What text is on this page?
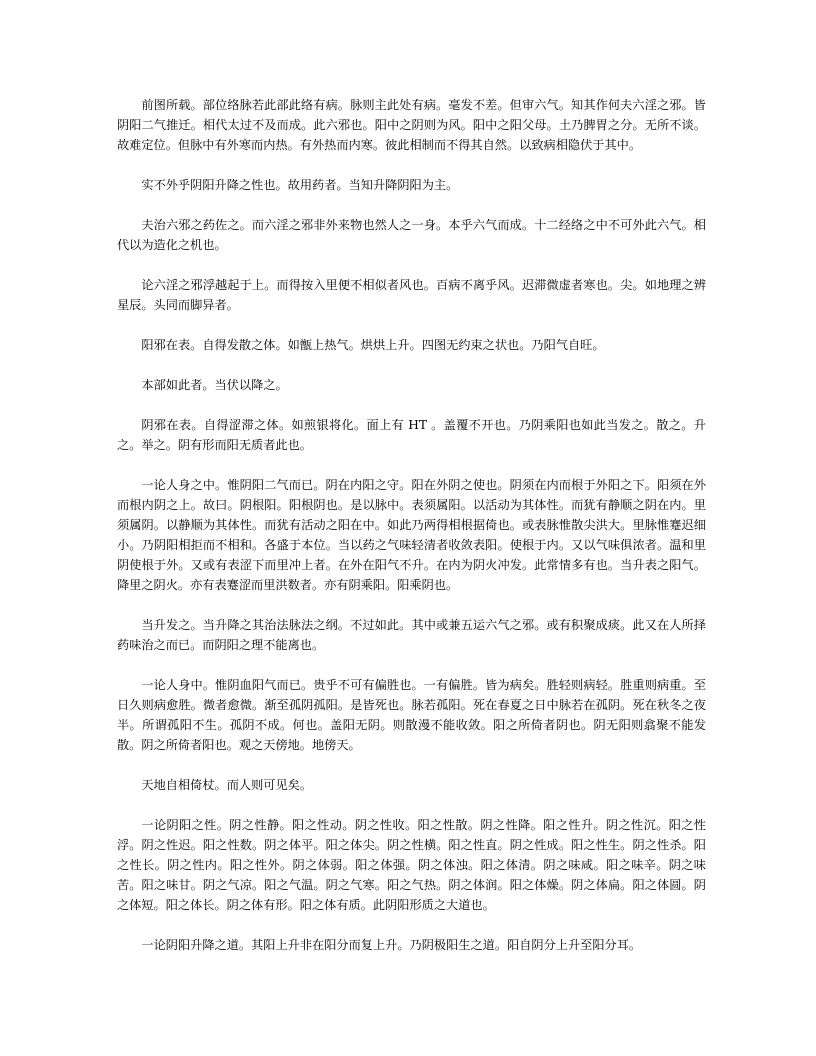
前图所载。部位络脉若此部此络有病。脉则主此处有病。毫发不差。但审六气。知其作何夫六淫之邪。皆阴阳二气推迁。相代太过不及而成。此六邪也。阳中之阴则为风。阳中之阳父母。土乃脾胃之分。无所不谈。故难定位。但脉中有外寒而内热。有外热而内寒。彼此相制而不得其自然。以致病相隐伏于其中。

实不外乎阴阳升降之性也。故用药者。当知升降阴阳为主。

夫治六邪之药佐之。而六淫之邪非外来物也然人之一身。本乎六气而成。十二经络之中不可外此六气。相代以为造化之机也。

论六淫之邪浮越起于上。而得按入里便不相似者风也。百病不离乎风。迟滞微虚者寒也。尖。如地理之辨星辰。头同而脚异者。

阳邪在表。自得发散之体。如甑上热气。烘烘上升。四图无约束之状也。乃阳气自旺。

本部如此者。当伏以降之。

阴邪在表。自得涩滞之体。如煎银将化。面上有 HT 。盖覆不开也。乃阴乘阳也如此当发之。散之。升之。举之。阴有形而阳无质者此也。

一论人身之中。惟阴阳二气而已。阴在内阳之守。阳在外阴之使也。阴须在内而根于外阳之下。阳须在外而根内阴之上。故曰。阴根阳。阳根阴也。是以脉中。表须属阳。以活动为其体性。而犹有静顺之阴在内。里须属阴。以静顺为其体性。而犹有活动之阳在中。如此乃两得相根据倚也。或表脉惟散尖洪大。里脉惟蹇迟细小。乃阴阳相拒而不相和。各盛于本位。当以药之气味轻清者收敛表阳。使根于内。又以气味俱浓者。温和里阴使根于外。又或有表涩下而里冲上者。在外在阳气不升。在内为阴火冲发。此常情多有也。当升表之阳气。降里之阴火。亦有表蹇涩而里洪数者。亦有阴乘阳。阳乘阴也。

当升发之。当升降之其治法脉法之纲。不过如此。其中或兼五运六气之邪。或有积聚成痰。此又在人所择药味治之而已。而阴阳之理不能离也。

一论人身中。惟阴血阳气而已。贵乎不可有偏胜也。一有偏胜。皆为病矣。胜轻则病轻。胜重则病重。至日久则病愈胜。微者愈微。渐至孤阴孤阳。是皆死也。脉若孤阳。死在春夏之日中脉若在孤阴。死在秋冬之夜半。所谓孤阳不生。孤阴不成。何也。盖阳无阴。则散漫不能收敛。阳之所倚者阴也。阴无阳则翕聚不能发散。阴之所倚者阳也。观之天傍地。地傍天。

天地自相倚杖。而人则可见矣。

一论阴阳之性。阴之性静。阳之性动。阴之性收。阳之性散。阴之性降。阳之性升。阴之性沉。阳之性浮。阴之性迟。阳之性数。阴之体平。阳之体尖。阴之性横。阳之性直。阴之性成。阳之性生。阴之性杀。阳之性长。阴之性内。阳之性外。阴之体弱。阳之体强。阴之体浊。阳之体清。阴之味咸。阳之味辛。阴之味苦。阳之味甘。阴之气凉。阳之气温。阴之气寒。阳之气热。阴之体润。阳之体燥。阴之体扁。阳之体圆。阴之体短。阳之体长。阴之体有形。阳之体有质。此阴阳形质之大道也。

一论阴阳升降之道。其阳上升非在阳分而复上升。乃阴极阳生之道。阳自阴分上升至阳分耳。
